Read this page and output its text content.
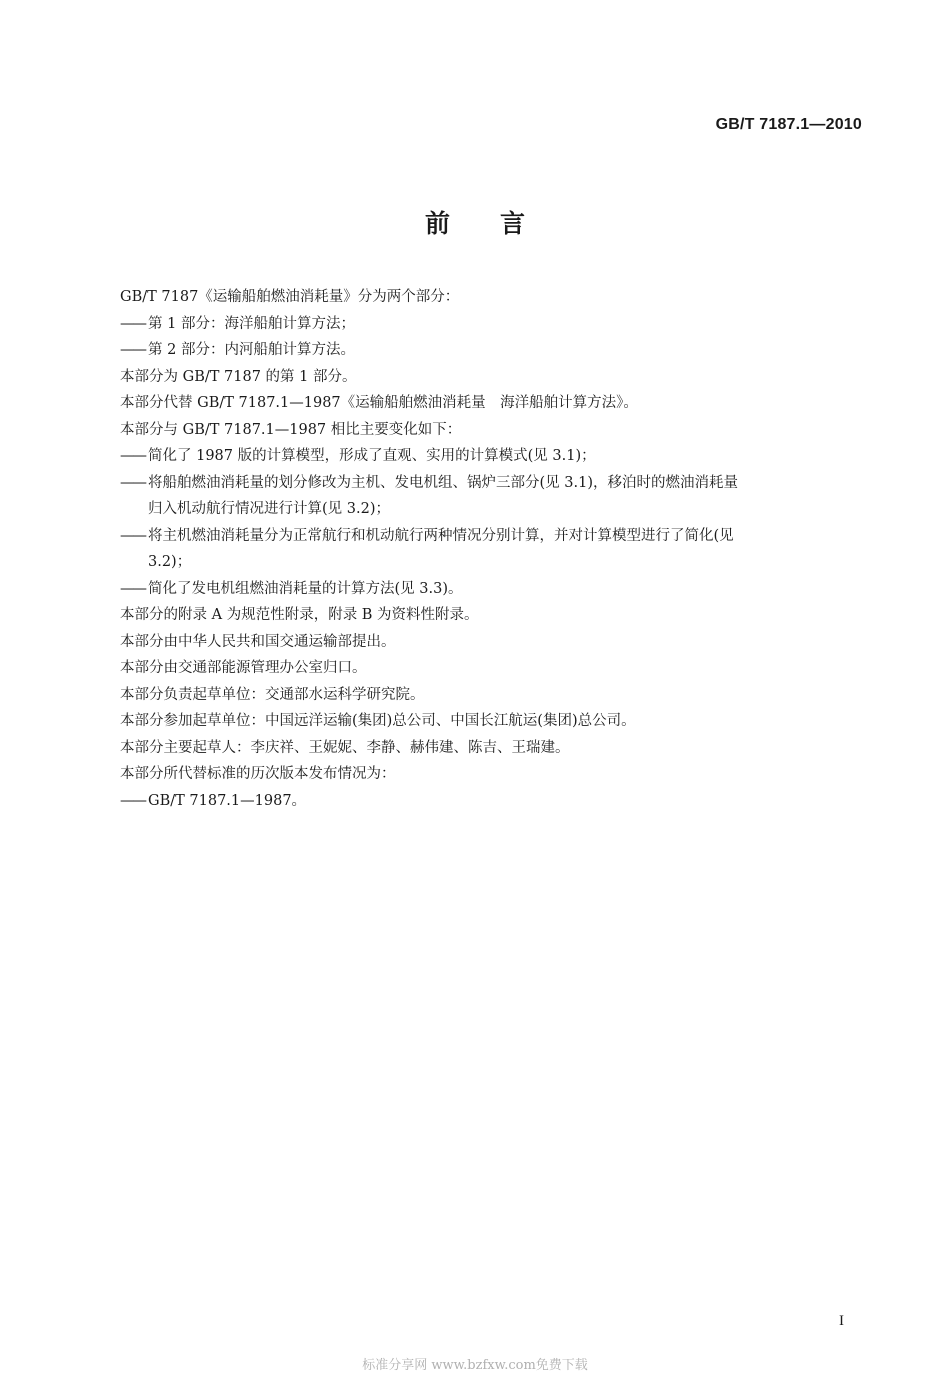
GB/T 7187.1—2010
前 言
GB/T 7187《运输船舶燃油消耗量》分为两个部分：
—— 第 1 部分：海洋船舶计算方法；
—— 第 2 部分：内河船舶计算方法。
本部分为 GB/T 7187 的第 1 部分。
本部分代替 GB/T 7187.1—1987《运输船舶燃油消耗量　海洋船舶计算方法》。
本部分与 GB/T 7187.1—1987 相比主要变化如下：
—— 简化了 1987 版的计算模型，形成了直观、实用的计算模式(见 3.1)；
—— 将船舶燃油消耗量的划分修改为主机、发电机组、锅炉三部分(见 3.1)，移泊时的燃油消耗量
归入机动航行情况进行计算(见 3.2)；
—— 将主机燃油消耗量分为正常航行和机动航行两种情况分别计算，并对计算模型进行了简化(见
3.2)；
—— 简化了发电机组燃油消耗量的计算方法(见 3.3)。
本部分的附录 A 为规范性附录，附录 B 为资料性附录。
本部分由中华人民共和国交通运输部提出。
本部分由交通部能源管理办公室归口。
本部分负责起草单位：交通部水运科学研究院。
本部分参加起草单位：中国远洋运输(集团)总公司、中国长江航运(集团)总公司。
本部分主要起草人：李庆祥、王妮妮、李静、赫伟建、陈吉、王瑞建。
本部分所代替标准的历次版本发布情况为：
—— GB/T 7187.1—1987。
I
标准分享网 www.bzfxw.com免费下载
